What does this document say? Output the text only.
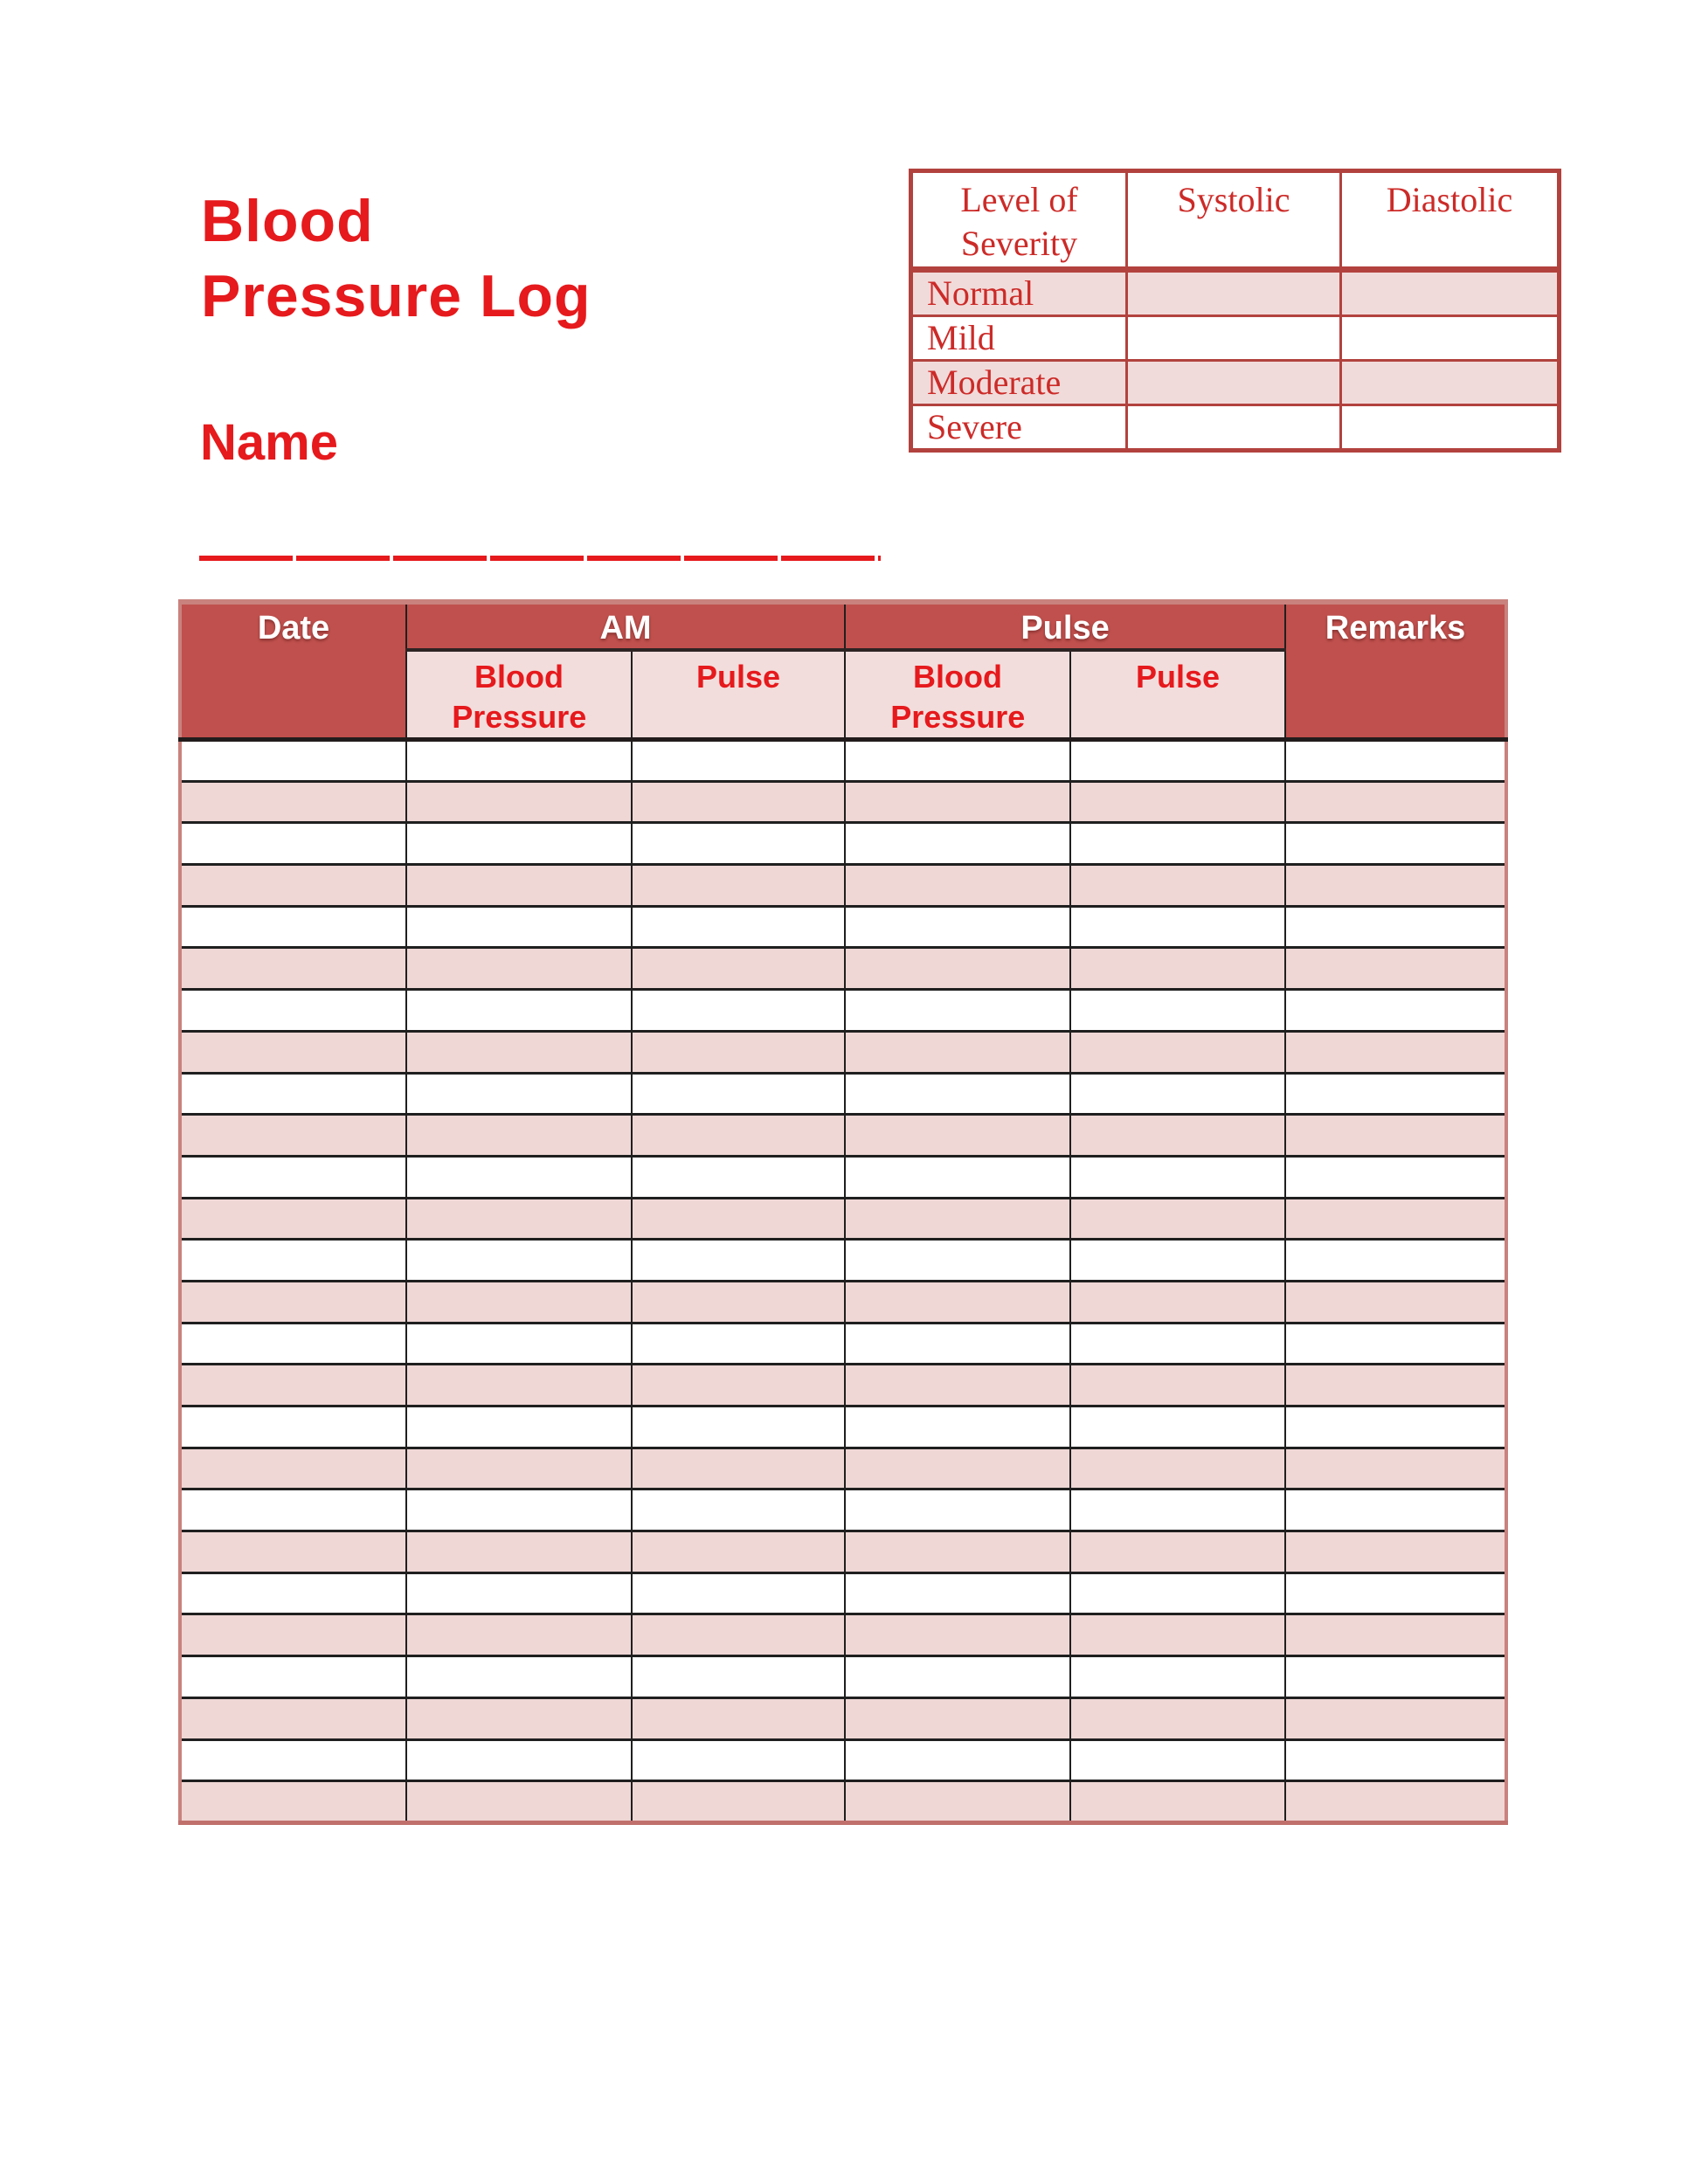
Blood
Pressure Log
Name
Level of Severity	Systolic	Diastolic
Normal		
Mild		
Moderate		
Severe		
Date	AM		Pulse		Remarks

	Blood Pressure	Pulse	Blood Pressure	Pulse	
